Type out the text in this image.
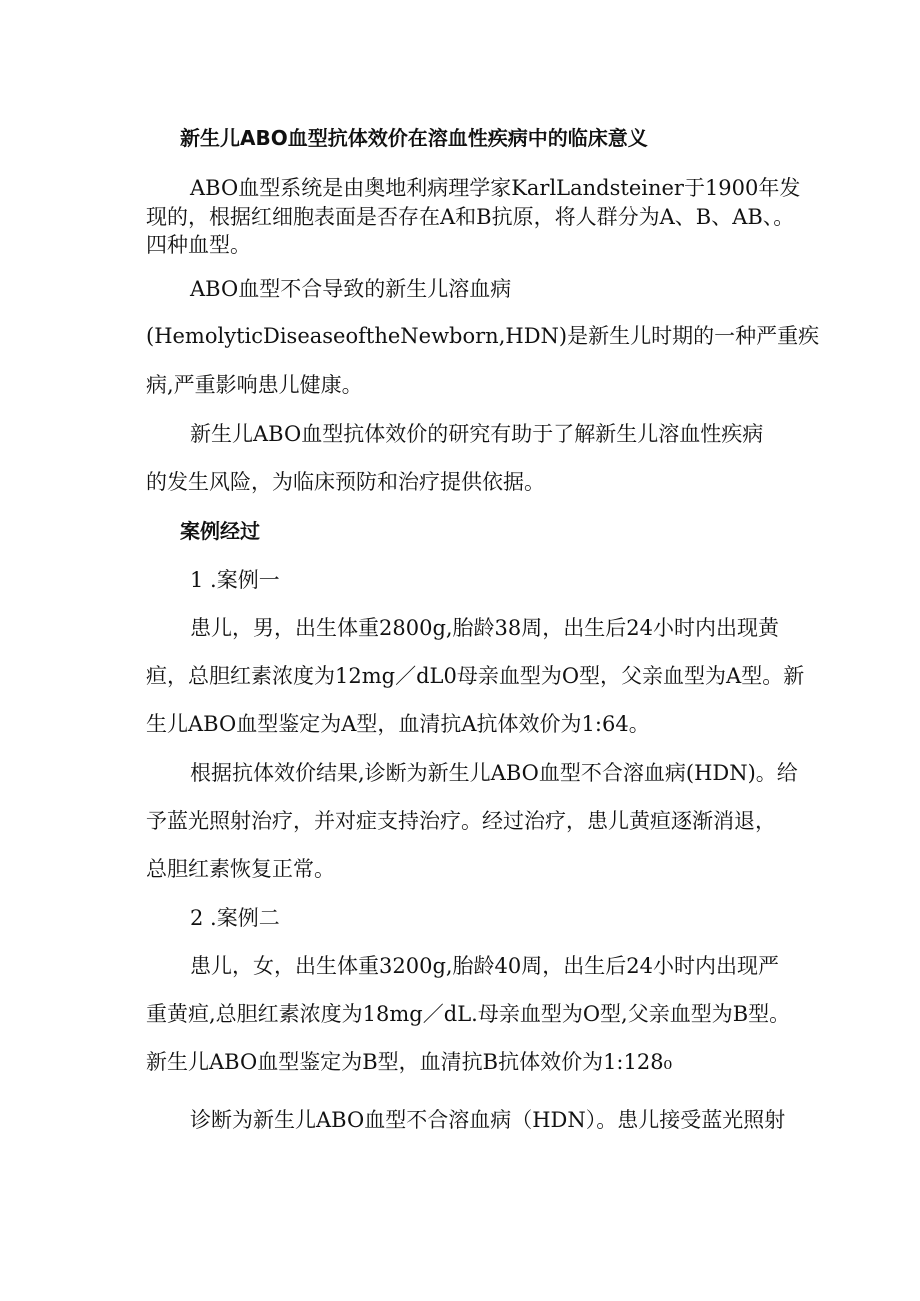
新生儿ABO血型抗体效价在溶血性疾病中的临床意义
ABO血型系统是由奥地利病理学家KarlLandsteiner于1900年发
现的，根据红细胞表面是否存在A和B抗原，将人群分为A、B、AB、。
四种血型。
ABO血型不合导致的新生儿溶血病
(HemolyticDiseaseoftheNewborn,HDN)是新生儿时期的一种严重疾
病,严重影响患儿健康。
新生儿ABO血型抗体效价的研究有助于了解新生儿溶血性疾病
的发生风险，为临床预防和治疗提供依据。
案例经过
1 .案例一
患儿，男，出生体重2800g,胎龄38周，出生后24小时内出现黄
疸，总胆红素浓度为12mg／dL0母亲血型为O型，父亲血型为A型。新
生儿ABO血型鉴定为A型，血清抗A抗体效价为1:64。
根据抗体效价结果,诊断为新生儿ABO血型不合溶血病(HDN)。给
予蓝光照射治疗，并对症支持治疗。经过治疗，患儿黄疸逐渐消退，
总胆红素恢复正常。
2 .案例二
患儿，女，出生体重3200g,胎龄40周，出生后24小时内出现严
重黄疸,总胆红素浓度为18mg／dL.母亲血型为O型,父亲血型为B型。
新生儿ABO血型鉴定为B型，血清抗B抗体效价为1:128₀
诊断为新生儿ABO血型不合溶血病（HDN）。患儿接受蓝光照射
